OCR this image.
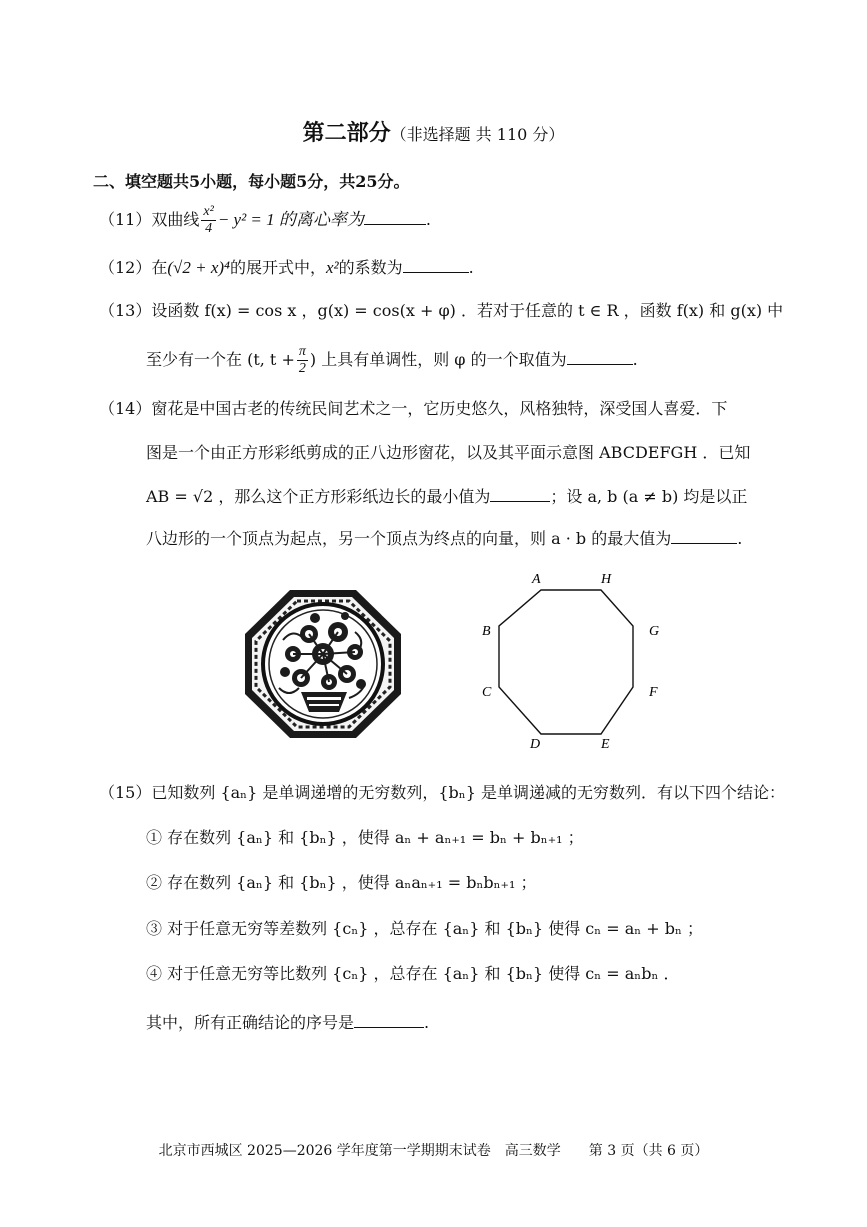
第二部分（非选择题 共 110 分）
二、填空题共5小题，每小题5分，共25分。
（11）双曲线 $\frac{\text{x²}}{4} - y^2 = 1$ 的离心率为	.
（12）在(√2 + x)⁴的展开式中，x²的系数为	.
（13）设函数 f(x) = cos x ，g(x) = cos(x + φ) ．若对于任意的 t ∈ R ，函数 f(x) 和 g(x) 中
至少有一个在 (t, $t + \frac{\pi}{2}$ ) 上具有单调性，则 φ 的一个取值为	.
（14）窗花是中国古老的传统民间艺术之一，它历史悠久，风格独特，深受国人喜爱．下
图是一个由正方形彩纸剪成的正八边形窗花，以及其平面示意图 ABCDEFGH ．已知
AB = √2 ，那么这个正方形彩纸边长的最小值为	；设 a, b (a ≠ b) 均是以正
八边形的一个顶点为起点，另一个顶点为终点的向量，则 a · b 的最大值为	.
A	H
B	G
C	F
D	E
（15）已知数列 {aₙ} 是单调递增的无穷数列，{bₙ} 是单调递减的无穷数列．有以下四个结论：
① 存在数列 {aₙ} 和 {bₙ} ，使得 aₙ + aₙ₊₁ = bₙ + bₙ₊₁ ；
② 存在数列 {aₙ} 和 {bₙ} ，使得 aₙaₙ₊₁ = bₙbₙ₊₁ ；
③ 对于任意无穷等差数列 {cₙ} ，总存在 {aₙ} 和 {bₙ} 使得 cₙ = aₙ + bₙ ；
④ 对于任意无穷等比数列 {cₙ} ，总存在 {aₙ} 和 {bₙ} 使得 cₙ = aₙbₙ ．
其中，所有正确结论的序号是	.
北京市西城区 2025—2026 学年度第一学期期末试卷　高三数学　　第 3 页（共 6 页）
